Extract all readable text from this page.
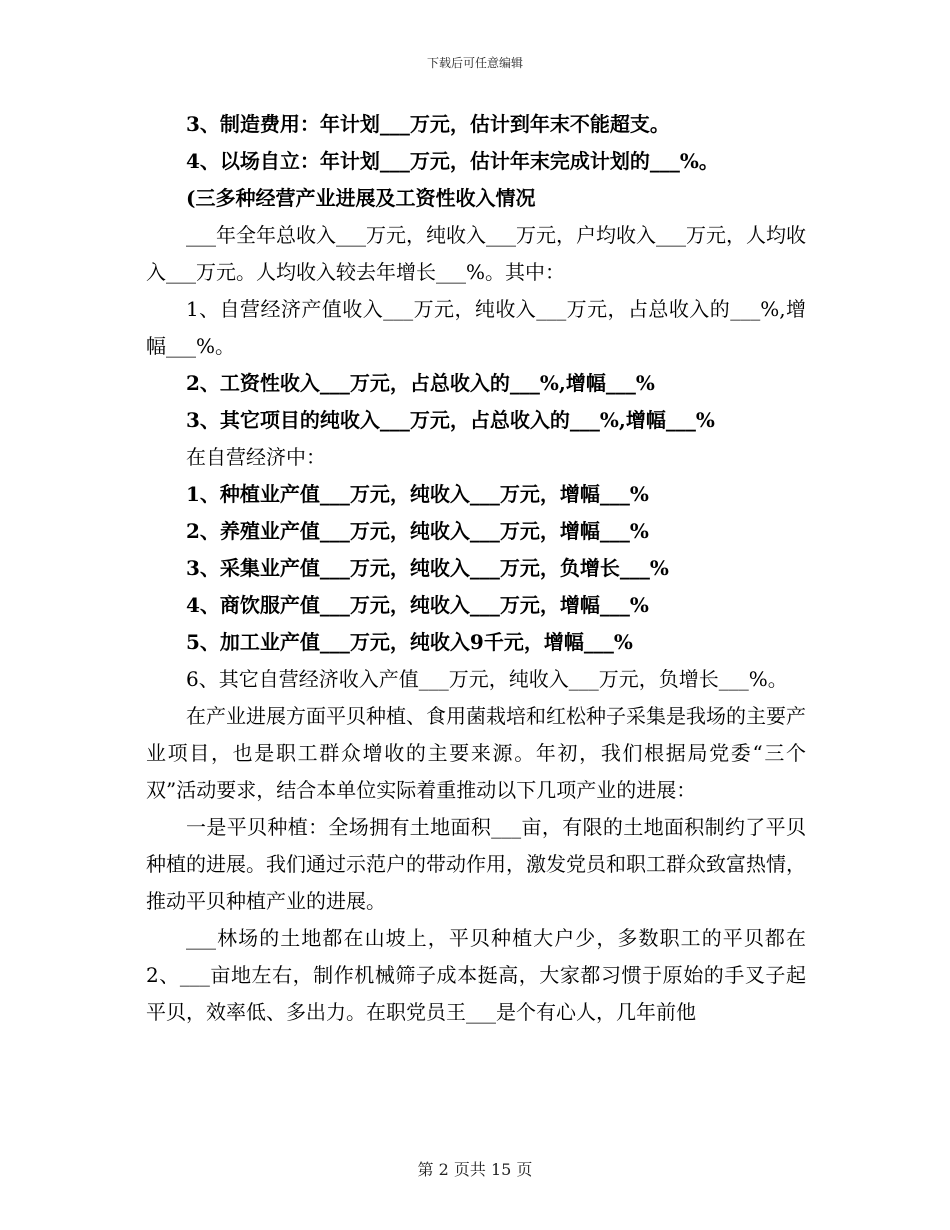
下载后可任意编辑

3、制造费用：年计划___万元，估计到年末不能超支。

4、以场自立：年计划___万元，估计年末完成计划的___%。

(三多种经营产业进展及工资性收入情况

___年全年总收入___万元，纯收入___万元，户均收入___万元，人均收入___万元。人均收入较去年增长___%。其中：

1、自营经济产值收入___万元，纯收入___万元，占总收入的___%,增幅___%。

2、工资性收入___万元，占总收入的___%,增幅___%

3、其它项目的纯收入___万元，占总收入的___%,增幅___%

在自营经济中：

1、种植业产值___万元，纯收入___万元，增幅___%

2、养殖业产值___万元，纯收入___万元，增幅___%

3、采集业产值___万元，纯收入___万元，负增长___%

4、商饮服产值___万元，纯收入___万元，增幅___%

5、加工业产值___万元，纯收入9千元，增幅___%

6、其它自营经济收入产值___万元，纯收入___万元，负增长___%。

在产业进展方面平贝种植、食用菌栽培和红松种子采集是我场的主要产业项目，也是职工群众增收的主要来源。年初，我们根据局党委“三个双”活动要求，结合本单位实际着重推动以下几项产业的进展：

一是平贝种植：全场拥有土地面积___亩，有限的土地面积制约了平贝种植的进展。我们通过示范户的带动作用，激发党员和职工群众致富热情，推动平贝种植产业的进展。

___林场的土地都在山坡上，平贝种植大户少，多数职工的平贝都在2、___亩地左右，制作机械筛子成本挺高，大家都习惯于原始的手叉子起平贝，效率低、多出力。在职党员王___是个有心人，几年前他

第 2 页共 15 页
